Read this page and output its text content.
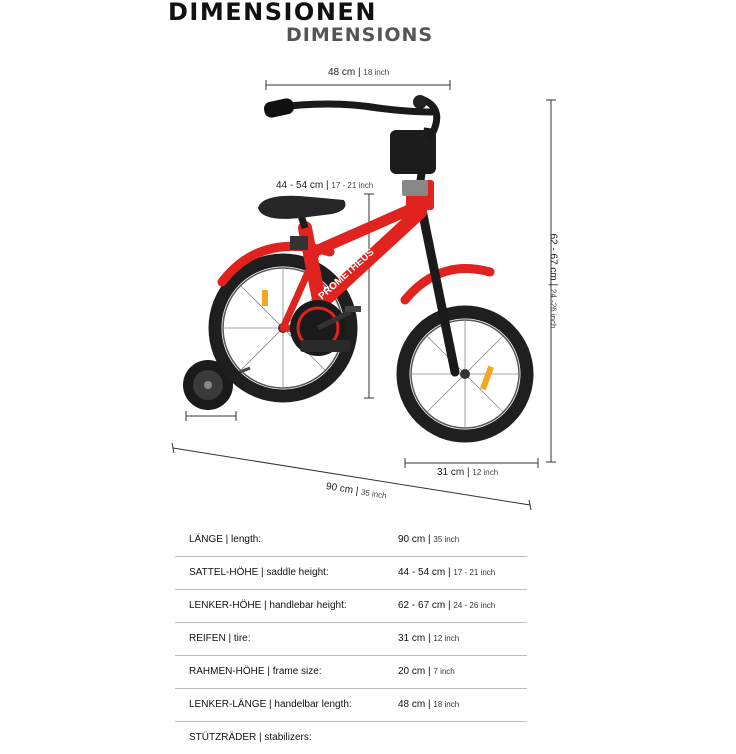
DIMENSIONEN
DIMENSIONS
PROMETHEUS
48 cm | 18 inch
44 - 54 cm | 17 - 21 inch
62 - 67 cm | 24 -26 inch
31 cm | 12 inch
90 cm | 35 inch
LÄNGE | length:	90 cm | 35 inch
SATTEL-HÖHE | saddle height:	44 - 54 cm | 17 - 21 inch
LENKER-HÖHE | handlebar height:	62 - 67 cm | 24 - 26 inch
REIFEN | tire:	31 cm | 12 inch
RAHMEN-HÖHE | frame size:	20 cm | 7 inch
LENKER-LÄNGE | handelbar length:	48 cm | 18 inch
STÜTZRÄDER | stabilizers:
